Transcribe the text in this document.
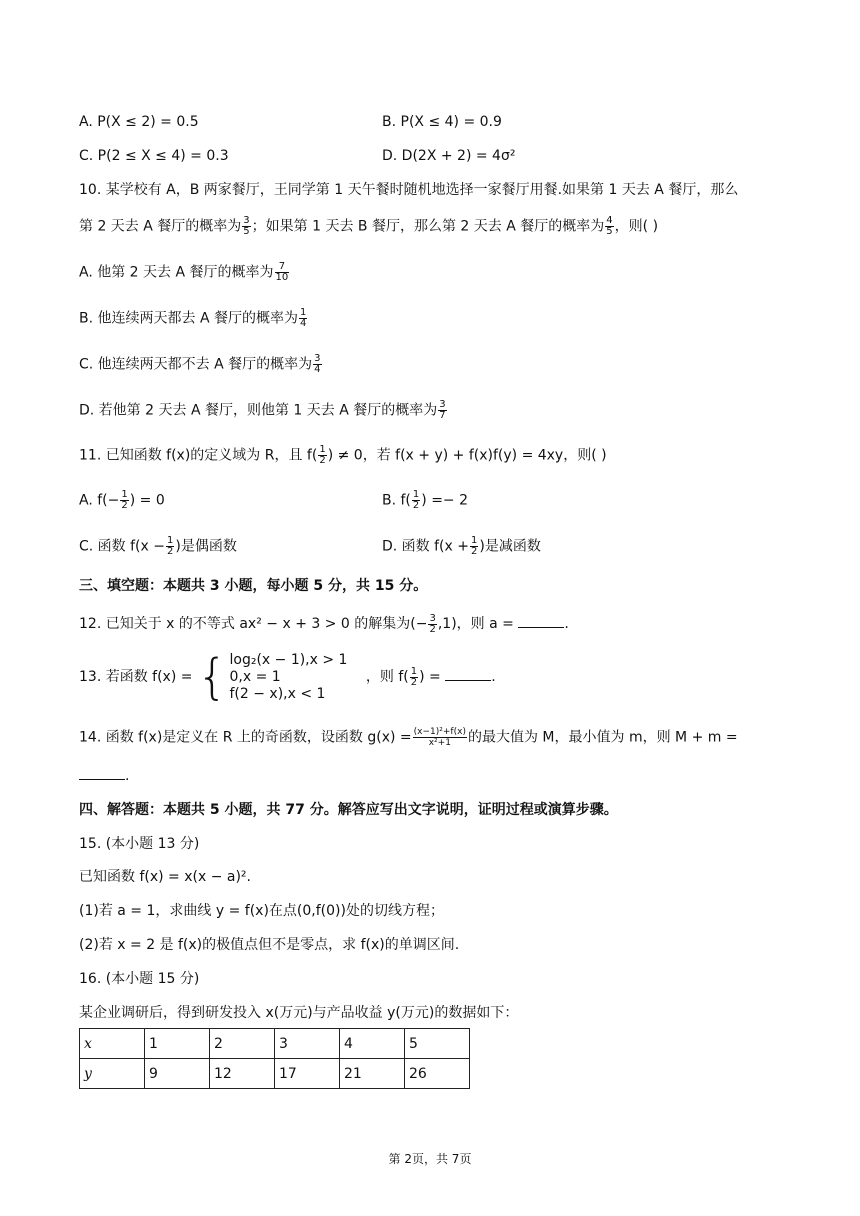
A. P(X ≤ 2) = 0.5	B. P(X ≤ 4) = 0.9
C. P(2 ≤ X ≤ 4) = 0.3	D. D(2X + 2) = 4σ²
10. 某学校有 A，B 两家餐厅，王同学第 1 天午餐时随机地选择一家餐厅用餐.如果第 1 天去 A 餐厅，那么
第 2 天去 A 餐厅的概率为 $\frac{3}{5}$ ；如果第 1 天去 B 餐厅，那么第 2 天去 A 餐厅的概率为 $\frac{4}{5}$ ，则( )
A. 他第 2 天去 A 餐厅的概率为 $\frac{7}{10}$
B. 他连续两天都去 A 餐厅的概率为 $\frac{1}{4}$
C. 他连续两天都不去 A 餐厅的概率为 $\frac{3}{4}$
D. 若他第 2 天去 A 餐厅，则他第 1 天去 A 餐厅的概率为 $\frac{3}{7}$
11. 已知函数 f(x)的定义域为 R，且 $f( \frac{1}{2}$ ) ≠ 0，若 f(x + y) + f(x)f(y) = 4xy，则( )
A. $f(- \frac{1}{2}$ ) = 0	B. $f( \frac{1}{2}$ ) =− 2
C. 函数 $f(x - \frac{1}{2}$ )是偶函数	D. 函数 $f(x + \frac{1}{2}$ )是减函数
三、填空题：本题共 3 小题，每小题 5 分，共 15 分。
12. 已知关于 x 的不等式 ax² − x + 3 > 0 的解集为(− $\frac{3}{2} ,1$)，则 a =	.
13. 若函数 f(x) = { log₂(x − 1),x > 1
0,x = 1
f(2 − x),x < 1
，则 $f( \frac{1}{2}$ ) =	.
14. 函数 f(x)是定义在 R 上的奇函数，设函数 $g(x) = \frac{\text{(x−1)²+f(x)}}{\text{x²+1}}$ 的最大值为 M，最小值为 m，则 M + m =
.
四、解答题：本题共 5 小题，共 77 分。解答应写出文字说明，证明过程或演算步骤。
15. (本小题 13 分)
已知函数 f(x) = x(x − a)².
(1)若 a = 1，求曲线 y = f(x)在点(0,f(0))处的切线方程；
(2)若 x = 2 是 f(x)的极值点但不是零点，求 f(x)的单调区间.
16. (本小题 15 分)
某企业调研后，得到研发投入 x(万元)与产品收益 y(万元)的数据如下：
x	1	2	3	4	5
y	9	12	17	21	26
第 2页，共 7页
